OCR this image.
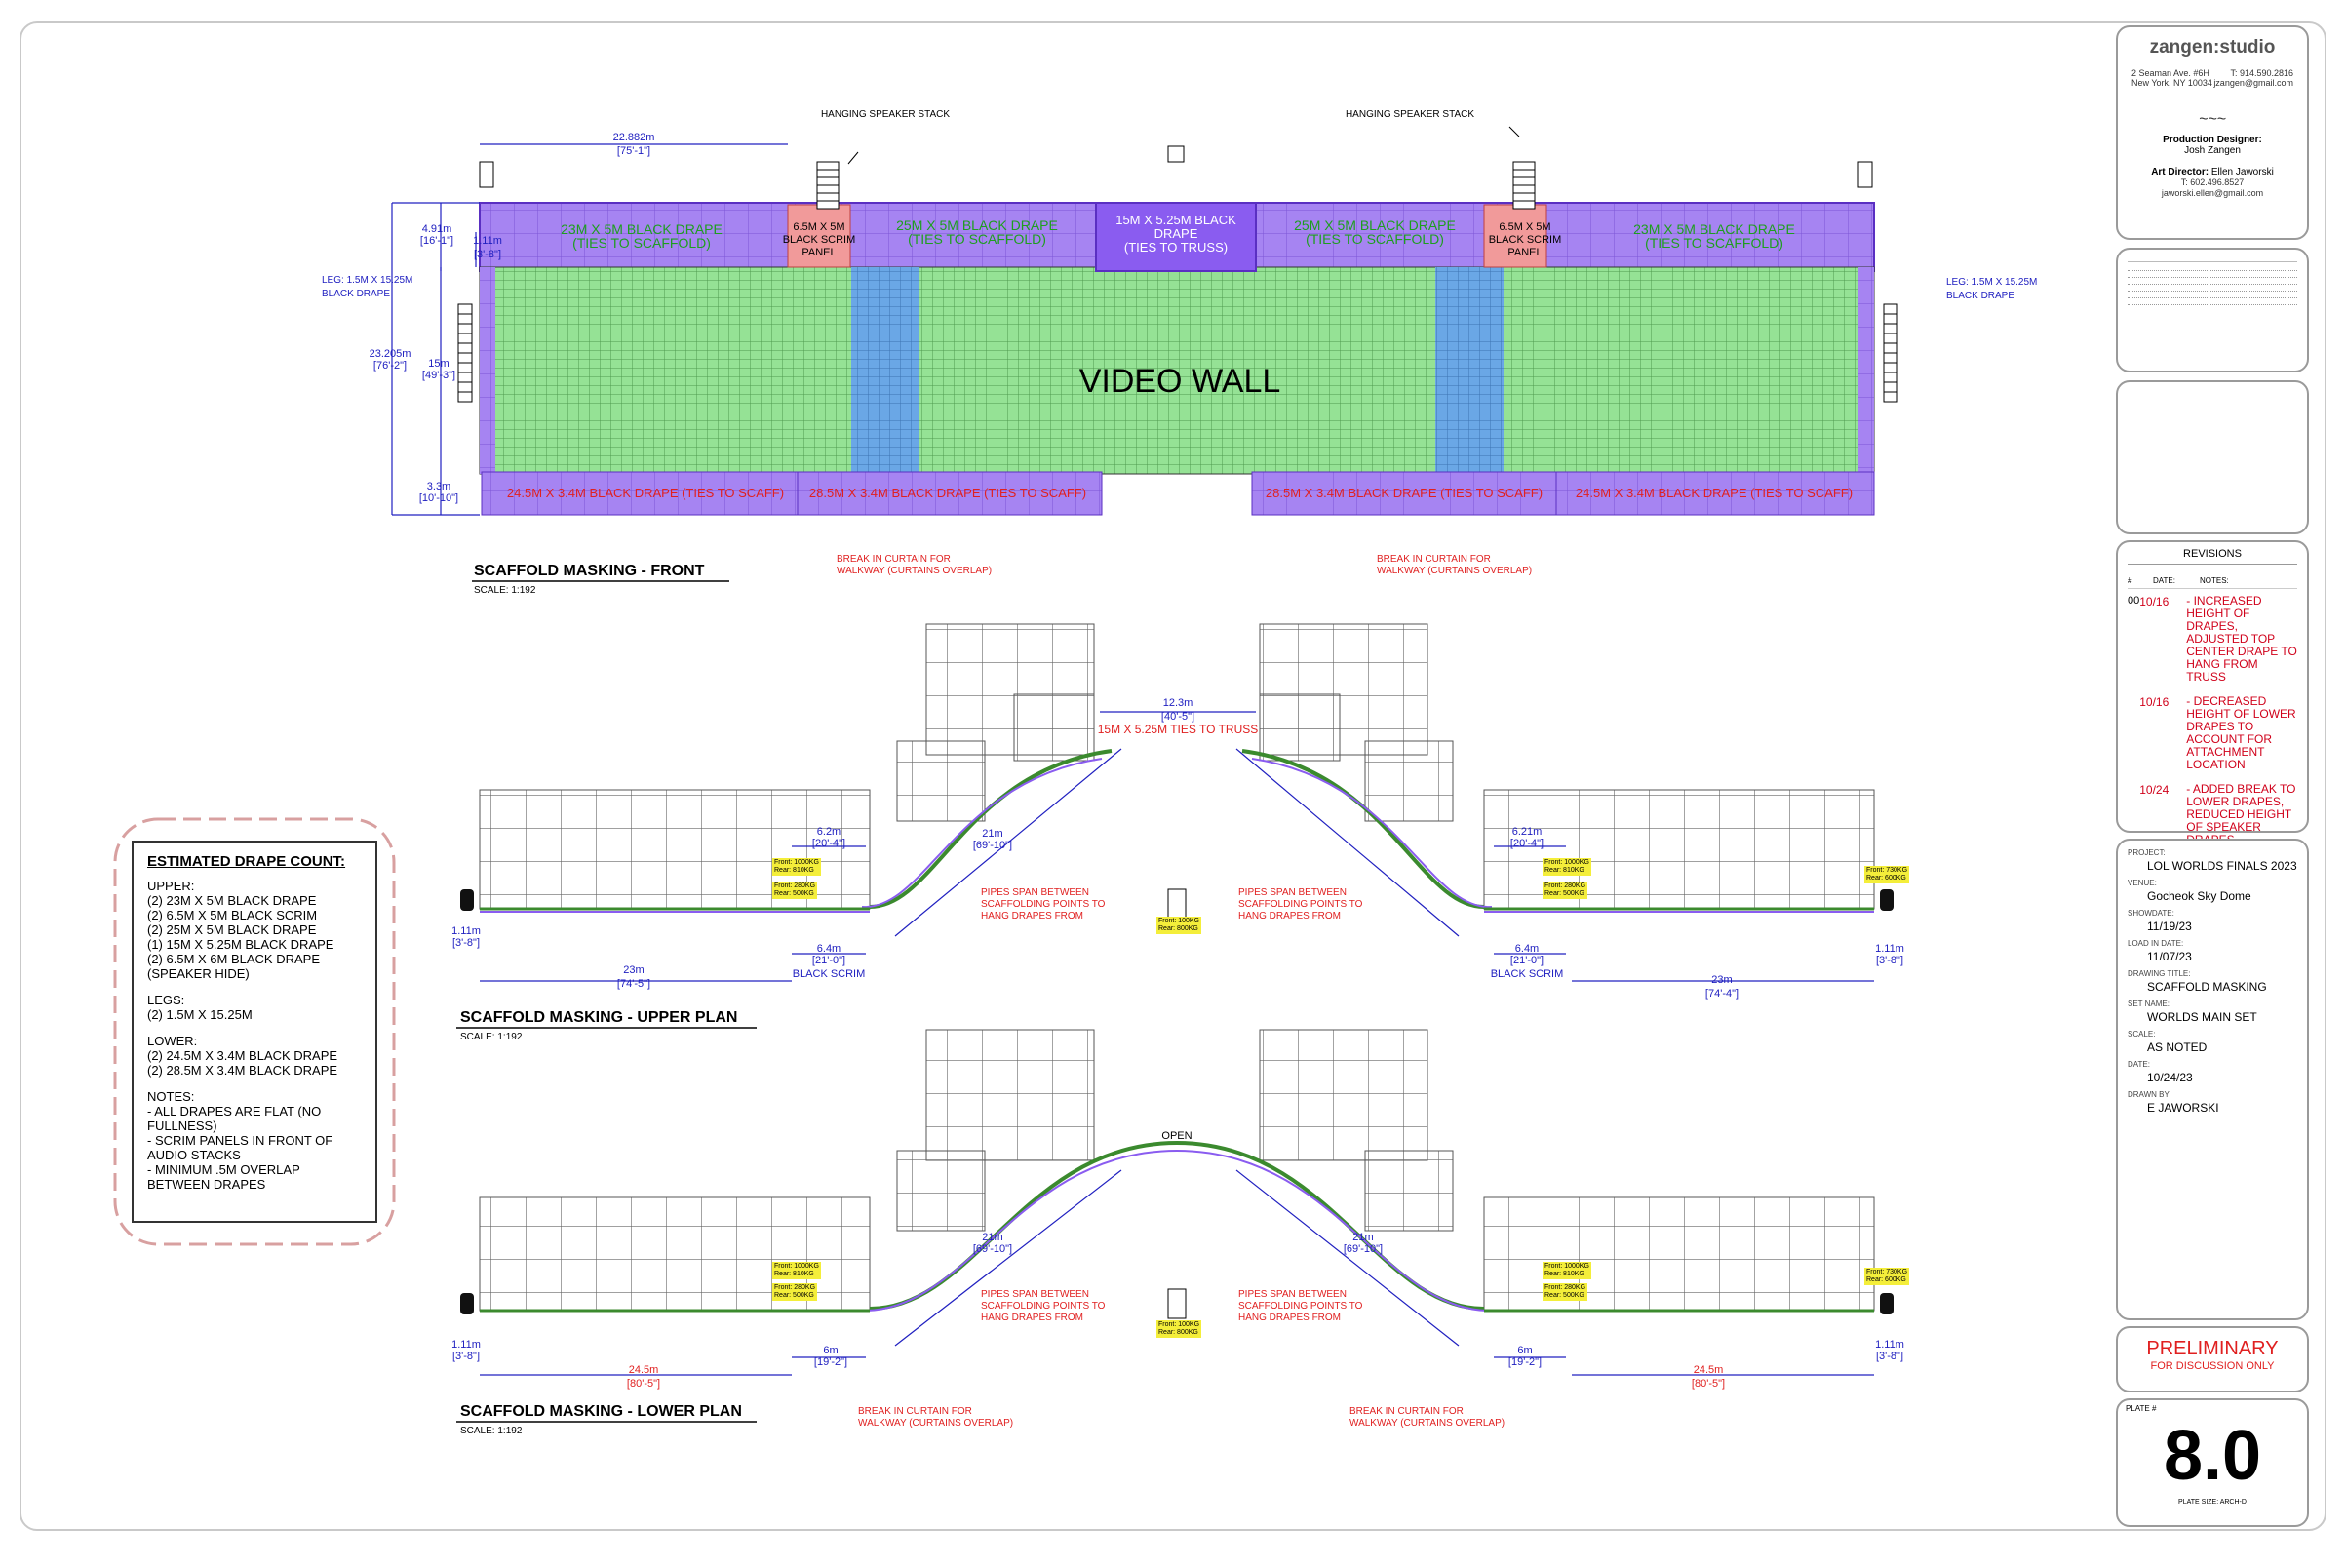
VIDEO WALL
HANGING SPEAKER STACK	HANGING SPEAKER STACK
22.882m
[75'-1"]
4.91m
[16'-1"] 1.11m
[3'-8"]
23.205m
[76'-2"] 15m
[49'-3"]
3.3m
[10'-10"]
LEG: 1.5M X 15.25M
BLACK DRAPE
LEG: 1.5M X 15.25M
BLACK DRAPE
23M X 5M BLACK DRAPE
(TIES TO SCAFFOLD)
25M X 5M BLACK DRAPE
(TIES TO SCAFFOLD)
25M X 5M BLACK DRAPE
(TIES TO SCAFFOLD)
23M X 5M BLACK DRAPE
(TIES TO SCAFFOLD)
6.5M X 5M
BLACK SCRIM
PANEL
6.5M X 5M
BLACK SCRIM
PANEL
15M X 5.25M BLACK
DRAPE
(TIES TO TRUSS)
24.5M X 3.4M BLACK DRAPE (TIES TO SCAFF) 28.5M X 3.4M BLACK DRAPE (TIES TO SCAFF)	28.5M X 3.4M BLACK DRAPE (TIES TO SCAFF)	24.5M X 3.4M BLACK DRAPE (TIES TO SCAFF)
BREAK IN CURTAIN FOR
WALKWAY (CURTAINS OVERLAP)
BREAK IN CURTAIN FOR
WALKWAY (CURTAINS OVERLAP)
SCAFFOLD MASKING - FRONT
SCALE: 1:192
12.3m
[40'-5"]
15M X 5.25M TIES TO TRUSS
6.2m
[20'-4"]
6.21m
[20'-4"]
21m
[69'-10"]
23m
[74'-5"]	23m
[74'-4"]
6.4m
[21'-0"]
BLACK SCRIM
6.4m
[21'-0"]
BLACK SCRIM
1.11m
[3'-8"]	1.11m
[3'-8"]
PIPES SPAN BETWEEN
SCAFFOLDING POINTS TO
HANG DRAPES FROM
PIPES SPAN BETWEEN
SCAFFOLDING POINTS TO
HANG DRAPES FROM
SCAFFOLD MASKING - UPPER PLAN
SCALE: 1:192
OPEN
21m
[69'-10"]
21m
[69'-10"]
PIPES SPAN BETWEEN
SCAFFOLDING POINTS TO
HANG DRAPES FROM
PIPES SPAN BETWEEN
SCAFFOLDING POINTS TO
HANG DRAPES FROM
24.5m
[80'-5"]
24.5m
[80'-5"]
6m
[19'-2"]
6m
[19'-2"]
1.11m
[3'-8"]
1.11m
[3'-8"]
BREAK IN CURTAIN FOR
WALKWAY (CURTAINS OVERLAP)
BREAK IN CURTAIN FOR
WALKWAY (CURTAINS OVERLAP)
SCAFFOLD MASKING - LOWER PLAN
SCALE: 1:192
Front: 1000KG
Rear: 810KG
Front: 280KG
Rear: 500KG
Front: 1000KG
Rear: 810KG
Front: 280KG
Rear: 500KG
Front: 100KG
Rear: 800KG
Front: 730KG
Rear: 600KG
Front: 1000KG
Rear: 810KG
Front: 280KG
Rear: 500KG
Front: 1000KG
Rear: 810KG
Front: 280KG
Rear: 500KG
Front: 100KG
Rear: 800KG
Front: 730KG
Rear: 600KG
ESTIMATED DRAPE COUNT:

UPPER:
(2) 23M X 5M BLACK DRAPE
(2) 6.5M X 5M BLACK SCRIM
(2) 25M X 5M BLACK DRAPE
(1) 15M X 5.25M BLACK DRAPE
(2) 6.5M X 6M BLACK DRAPE
(SPEAKER HIDE)

LEGS:
(2) 1.5M X 15.25M

LOWER:
(2) 24.5M X 3.4M BLACK DRAPE
(2) 28.5M X 3.4M BLACK DRAPE

NOTES:
- ALL DRAPES ARE FLAT (NO FULLNESS)
- SCRIM PANELS IN FRONT OF AUDIO STACKS
- MINIMUM .5M OVERLAP BETWEEN DRAPES

zangen:studio
2 Seaman Ave. #6H
New York, NY 10034
T: 914.590.2816
jzangen@gmail.com
~~~
Production Designer:
Josh Zangen

Art Director: Ellen Jaworski
T: 602.496.8527
jaworski.ellen@gmail.com
REVISIONS
#	DATE:	NOTES:
00 10/16	- INCREASED HEIGHT OF DRAPES, ADJUSTED TOP CENTER DRAPE TO HANG FROM TRUSS
10/16	- DECREASED HEIGHT OF LOWER DRAPES TO ACCOUNT FOR ATTACHMENT LOCATION
10/24	- ADDED BREAK TO LOWER DRAPES, REDUCED HEIGHT OF SPEAKER
PROJECT:
LOL WORLDS FINALS 2023
VENUE:
Gocheok Sky Dome
SHOWDATE:
11/19/23
LOAD IN DATE:
11/07/23
DRAWING TITLE:
SCAFFOLD MASKING
SET NAME:
WORLDS MAIN SET
SCALE:
AS NOTED
DATE:
10/24/23
DRAWN BY:
E JAWORSKI
PRELIMINARY
FOR DISCUSSION ONLY
PLATE #
8.0
PLATE SIZE: ARCH-D
